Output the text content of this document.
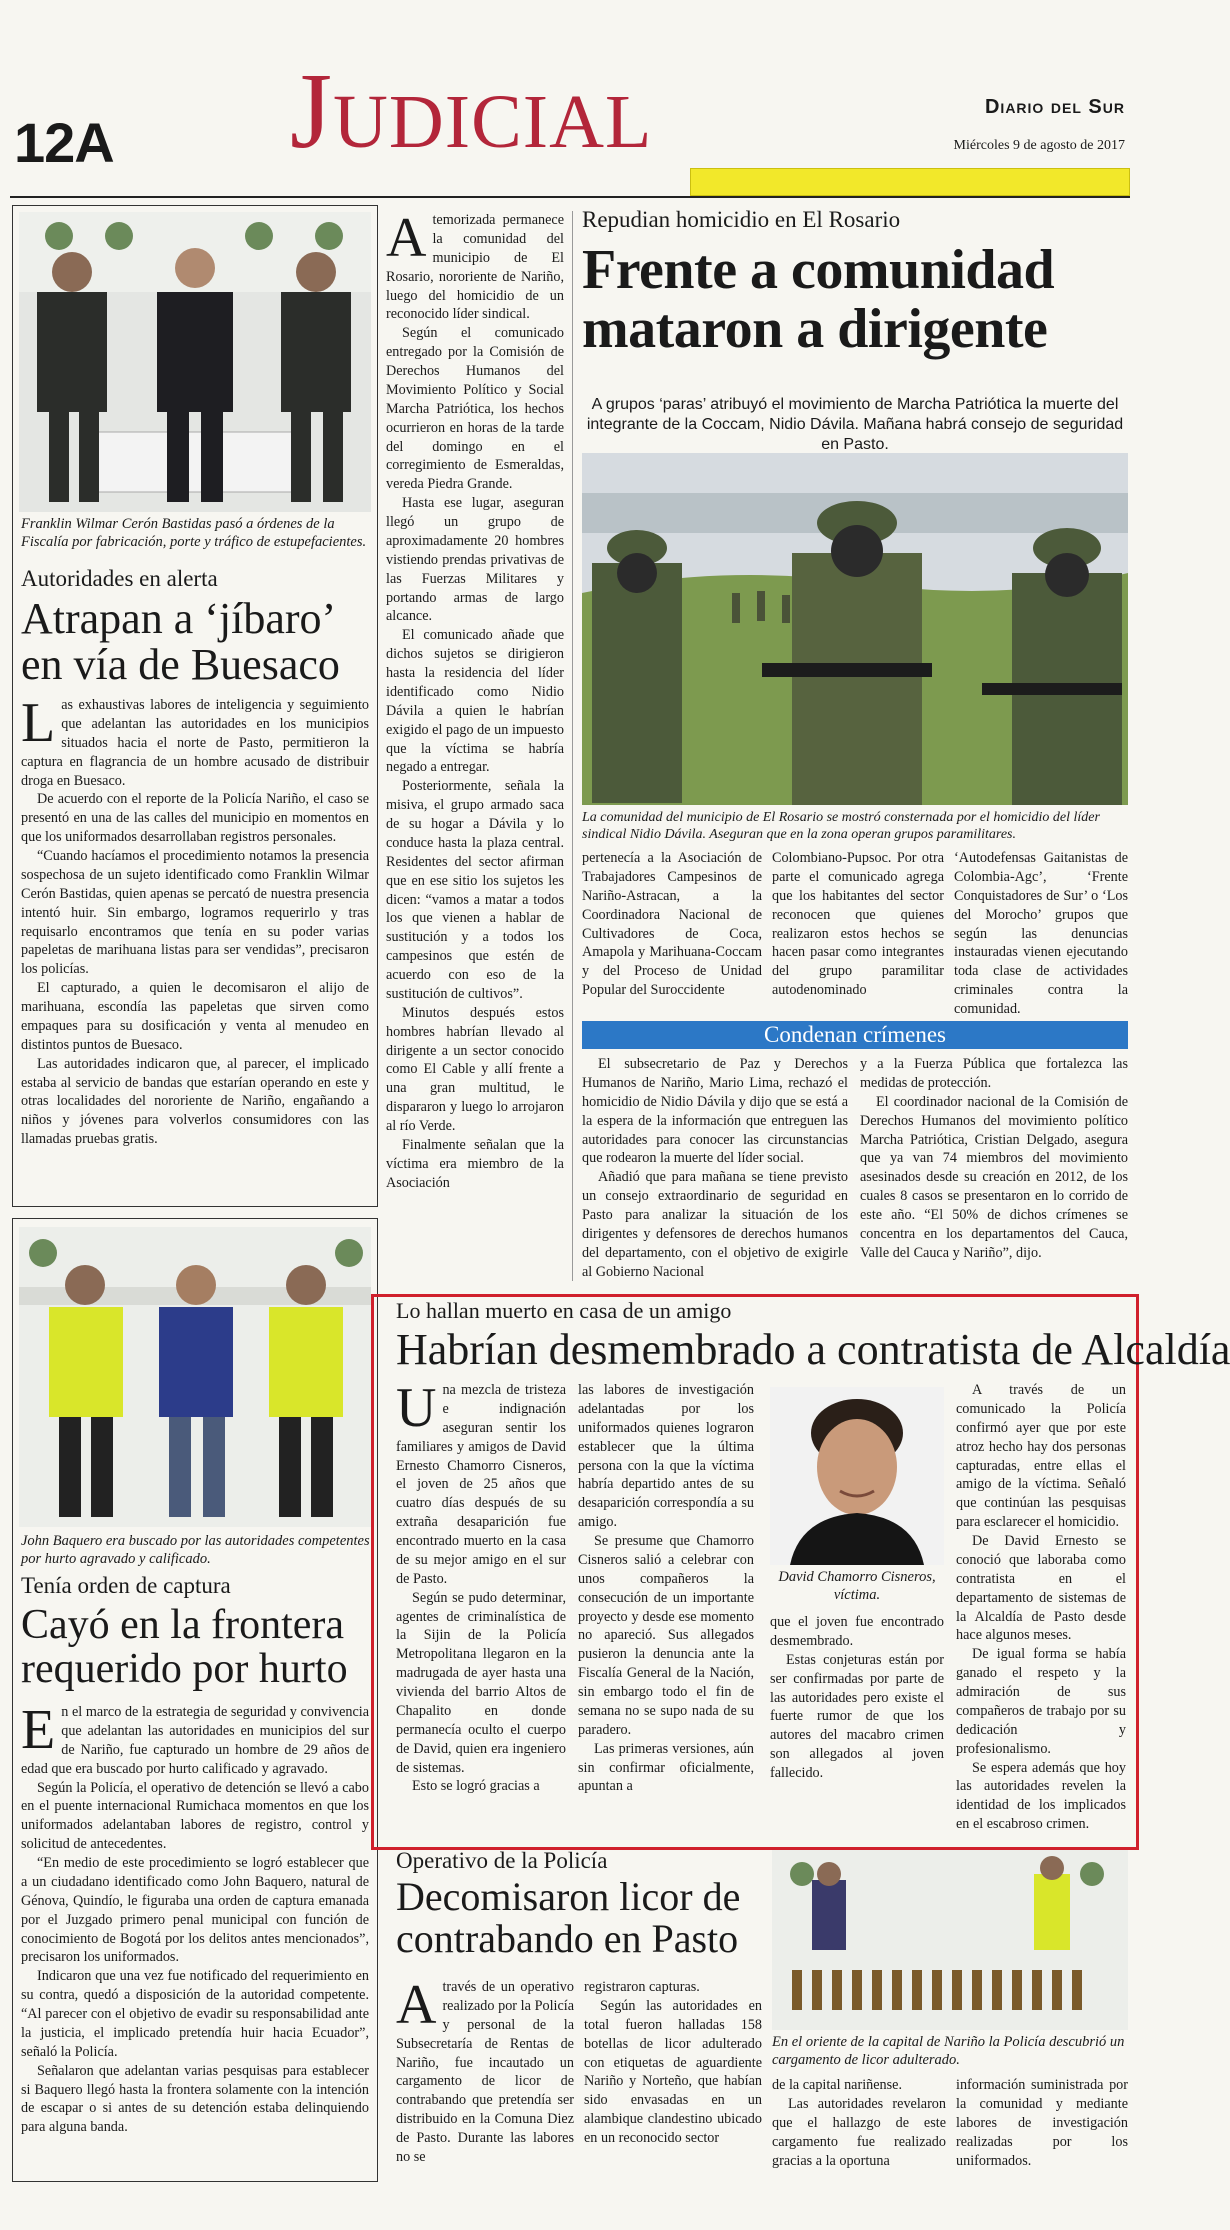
12A Judicial	Diario del Sur
Miércoles 9 de agosto de 2017
Franklin Wilmar Cerón Bastidas pasó a órdenes de la Fiscalía por fabricación, porte y tráfico de estupefacientes.
Autoridades en alerta
Atrapan a ‘jíbaro’ en vía de Buesaco
L as exhaustivas labores de inteligencia y seguimiento que adelantan las autoridades en los municipios situados hacia el norte de Pasto, permitieron la captura en flagrancia de un hombre acusado de distribuir droga en Buesaco.

De acuerdo con el reporte de la Policía Nariño, el caso se presentó en una de las calles del municipio en momentos en que los uniformados desarrollaban registros personales.

“Cuando hacíamos el procedimiento notamos la presencia sospechosa de un sujeto identificado como Franklin Wilmar Cerón Bastidas, quien apenas se percató de nuestra presencia intentó huir. Sin embargo, logramos requerirlo y tras requisarlo encontramos que tenía en su poder varias papeletas de marihuana listas para ser vendidas”, precisaron los policías.

El capturado, a quien le decomisaron el alijo de marihuana, escondía las papeletas que sirven como empaques para su dosificación y venta al menudeo en distintos puntos de Buesaco.

Las autoridades indicaron que, al parecer, el implicado estaba al servicio de bandas que estarían operando en este y otras localidades del nororiente de Nariño, engañando a niños y jóvenes para volverlos consumidores con las llamadas pruebas gratis.

John Baquero era buscado por las autoridades competentes por hurto agravado y calificado.
Tenía orden de captura
Cayó en la frontera requerido por hurto
E n el marco de la estrategia de seguridad y convivencia que adelantan las autoridades en municipios del sur de Nariño, fue capturado un hombre de 29 años de edad que era buscado por hurto calificado y agravado.

Según la Policía, el operativo de detención se llevó a cabo en el puente internacional Rumichaca momentos en que los uniformados adelantaban labores de registro, control y solicitud de antecedentes.

“En medio de este procedimiento se logró establecer que a un ciudadano identificado como John Baquero, natural de Génova, Quindío, le figuraba una orden de captura emanada por el Juzgado primero penal municipal con función de conocimiento de Bogotá por los delitos antes mencionados”, precisaron los uniformados.

Indicaron que una vez fue notificado del requerimiento en su contra, quedó a disposición de la autoridad competente. “Al parecer con el objetivo de evadir su responsabilidad ante la justicia, el implicado pretendía huir hacia Ecuador”, señaló la Policía.

Señalaron que adelantan varias pesquisas para establecer si Baquero llegó hasta la frontera solamente con la intención de escapar o si antes de su detención estaba delinquiendo para alguna banda.

A temorizada permanece la comunidad del municipio de El Rosario, nororiente de Nariño, luego del homicidio de un reconocido líder sindical.

Según el comunicado entregado por la Comisión de Derechos Humanos del Movimiento Político y Social Marcha Patriótica, los hechos ocurrieron en horas de la tarde del domingo en el corregimiento de Esmeraldas, vereda Piedra Grande.

Hasta ese lugar, aseguran llegó un grupo de aproximadamente 20 hombres vistiendo prendas privativas de las Fuerzas Militares y portando armas de largo alcance.

El comunicado añade que dichos sujetos se dirigieron hasta la residencia del líder identificado como Nidio Dávila a quien le habrían exigido el pago de un impuesto que la víctima se habría negado a entregar.

Posteriormente, señala la misiva, el grupo armado saca de su hogar a Dávila y lo conduce hasta la plaza central. Residentes del sector afirman que en ese sitio los sujetos les dicen: “vamos a matar a todos los que vienen a hablar de sustitución y a todos los campesinos que estén de acuerdo con eso de la sustitución de cultivos”.

Minutos después estos hombres habrían llevado al dirigente a un sector conocido como El Cable y allí frente a una gran multitud, le dispararon y luego lo arrojaron al río Verde.

Finalmente señalan que la víctima era miembro de la Asociación

Repudian homicidio en El Rosario
Frente a comunidad mataron a dirigente
A grupos ‘paras’ atribuyó el movimiento de Marcha Patriótica la muerte del integrante de la Coccam, Nidio Dávila. Mañana habrá consejo de seguridad en Pasto.
La comunidad del municipio de El Rosario se mostró consternada por el homicidio del líder sindical Nidio Dávila. Aseguran que en la zona operan grupos paramilitares.
pertenecía a la Asociación de Trabajadores Campesinos de Nariño-Astracan, a la Coordinadora Nacional de Cultivadores de Coca, Amapola y Marihuana-Coccam y del Proceso de Unidad Popular del Suroccidente
Colombiano-Pupsoc. Por otra parte el comunicado agrega que los habitantes del sector reconocen que quienes realizaron estos hechos se hacen pasar como integrantes del grupo paramilitar autodenominado
‘Autodefensas Gaitanistas de Colombia-Agc’, ‘Frente Conquistadores de Sur’ o ‘Los del Morocho’ grupos que según las denuncias instauradas vienen ejecutando toda clase de actividades criminales contra la comunidad.
Condenan crímenes

El subsecretario de Paz y Derechos Humanos de Nariño, Mario Lima, rechazó el homicidio de Nidio Dávila y dijo que se está a la espera de la información que entreguen las autoridades para conocer las circunstancias que rodearon la muerte del líder social.

Añadió que para mañana se tiene previsto un consejo extraordinario de seguridad en Pasto para analizar la situación de los dirigentes y defensores de derechos humanos del departamento, con el objetivo de exigirle al Gobierno Nacional

y a la Fuerza Pública que fortalezca las medidas de protección.

El coordinador nacional de la Comisión de Derechos Humanos del movimiento político Marcha Patriótica, Cristian Delgado, asegura que ya van 74 miembros del movimiento asesinados desde su creación en 2012, de los cuales 8 casos se presentaron en lo corrido de este año. “El 50% de dichos crímenes se concentra en los departamentos del Cauca, Valle del Cauca y Nariño”, dijo.

Lo hallan muerto en casa de un amigo
Habrían desmembrado a contratista de Alcaldía
U na mezcla de tristeza e indignación aseguran sentir los familiares y amigos de David Ernesto Chamorro Cisneros, el joven de 25 años que cuatro días después de su extraña desaparición fue encontrado muerto en la casa de su mejor amigo en el sur de Pasto.

Según se pudo determinar, agentes de criminalística de la Sijin de la Policía Metropolitana llegaron en la madrugada de ayer hasta una vivienda del barrio Altos de Chapalito en donde permanecía oculto el cuerpo de David, quien era ingeniero de sistemas.

Esto se logró gracias a

las labores de investigación adelantadas por los uniformados quienes lograron establecer que la última persona con la que la víctima habría departido antes de su desaparición correspondía a su amigo.

Se presume que Chamorro Cisneros salió a celebrar con unos compañeros la consecución de un importante proyecto y desde ese momento no apareció. Sus allegados pusieron la denuncia ante la Fiscalía General de la Nación, sin embargo todo el fin de semana no se supo nada de su paradero.

Las primeras versiones, aún sin confirmar oficialmente, apuntan a

David Chamorro Cisneros,
víctima.

que el joven fue encontrado desmembrado.

Estas conjeturas están por ser confirmadas por parte de las autoridades pero existe el fuerte rumor de que los autores del macabro crimen son allegados al joven fallecido.

A través de un comunicado la Policía confirmó ayer que por este atroz hecho hay dos personas capturadas, entre ellas el amigo de la víctima. Señaló que continúan las pesquisas para esclarecer el homicidio.

De David Ernesto se conoció que laboraba como contratista en el departamento de sistemas de la Alcaldía de Pasto desde hace algunos meses.

De igual forma se había ganado el respeto y la admiración de sus compañeros de trabajo por su dedicación y profesionalismo.

Se espera además que hoy las autoridades revelen la identidad de los implicados en el escabroso crimen.

Operativo de la Policía
Decomisaron licor de contrabando en Pasto
A través de un operativo realizado por la Policía y personal de la Subsecretaría de Rentas de Nariño, fue incautado un cargamento de licor de contrabando que pretendía ser distribuido en la Comuna Diez de Pasto. Durante las labores no se

registraron capturas.

Según las autoridades en total fueron halladas 158 botellas de licor adulterado con etiquetas de aguardiente Nariño y Norteño, que habían sido envasadas en un alambique clandestino ubicado en un reconocido sector

En el oriente de la capital de Nariño la Policía descubrió un cargamento de licor adulterado.

de la capital nariñense.

Las autoridades revelaron que el hallazgo de este cargamento fue realizado gracias a la oportuna

información suministrada por la comunidad y mediante labores de investigación realizadas por los uniformados.
